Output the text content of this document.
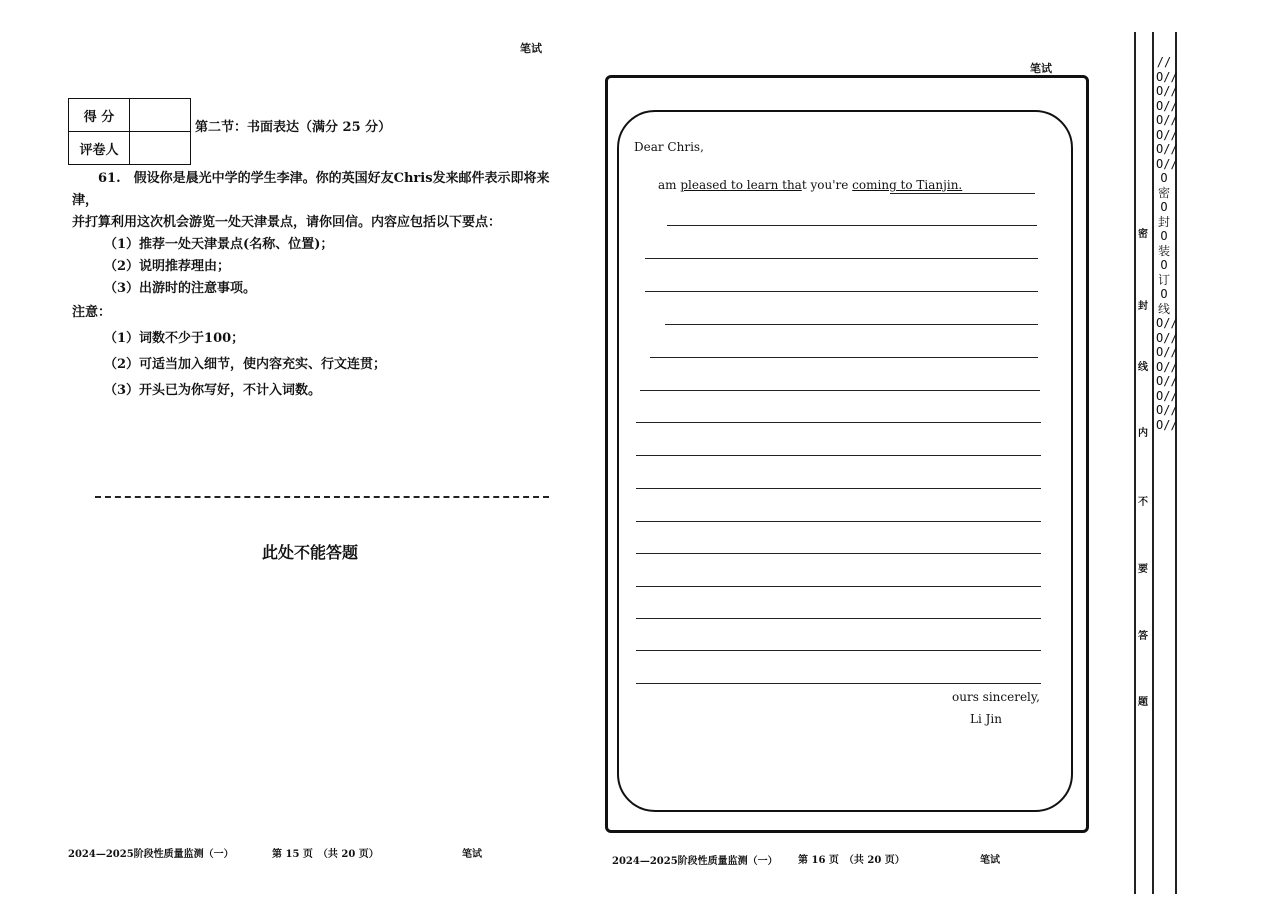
笔试
得 分	
评卷人	
第二节：书面表达（满分 25 分）

61.　假设你是晨光中学的学生李津。你的英国好友Chris发来邮件表示即将来津，

并打算利用这次机会游览一处天津景点，请你回信。内容应包括以下要点：

（1）推荐一处天津景点(名称、位置)；

（2）说明推荐理由；

（3）出游时的注意事项。

注意：

（1）词数不少于100；

（2）可适当加入细节，使内容充实、行文连贯；

（3）开头已为你写好，不计入词数。

此处不能答题
2024—2025阶段性质量监测（一）	第 15 页　（共 20 页）	笔试
笔试
Dear Chris,
am pleased to learn that you're coming to Tianjin.
ours sincerely,
Li Jin
2024—2025阶段性质量监测（一） 第 16 页　（共 20 页）	笔试
密
封
线
内
不
要
答
题
//O//O//O//O//O//O//O//O密O封O装O订O线O//O//O//O//O//O//O//O//
